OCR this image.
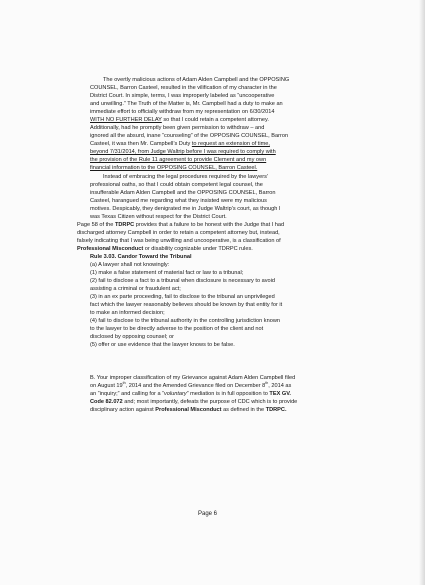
The overtly malicious actions of Adam Alden Campbell and the OPPOSING
COUNSEL, Barron Casteel, resulted in the vilification of my character in the
District Court. In simple, terms, I was improperly labeled as “uncooperative
and unwilling.” The Truth of the Matter is, Mr. Campbell had a duty to make an
immediate effort to officially withdraw from my representation on 6/30/2014
WITH NO FURTHER DELAY so that I could retain a competent attorney.
Additionally, had he promptly been given permission to withdraw – and
ignored all the absurd, inane “counseling” of the OPPOSING COUNSEL, Barron
Casteel, it was then Mr. Campbell’s Duty to request an extension of time,
beyond 7/31/2014, from Judge Waltrip before I was required to comply with
the provision of the Rule 11 agreement to provide Clement and my own
financial information to the OPPOSING COUNSEL, Barron Casteel.
Instead of embracing the legal procedures required by the lawyers’
professional oaths, so that I could obtain competent legal counsel, the
insufferable Adam Alden Campbell and the OPPOSING COUNSEL, Barron
Casteel, harangued me regarding what they insisted were my malicious
motives. Despicably, they denigrated me in Judge Waltrip’s court, as though I
was Texas Citizen without respect for the District Court.
Page 58 of the TDRPC provides that a failure to be honest with the Judge that I had
discharged attorney Campbell in order to retain a competent attorney but, instead,
falsely indicating that I was being unwilling and uncooperative, is a classification of
Professional Misconduct or disability cognizable under TDRPC rules.
Rule 3.03. Candor Toward the Tribunal
(a) A lawyer shall not knowingly:
(1) make a false statement of material fact or law to a tribunal;
(2) fail to disclose a fact to a tribunal when disclosure is necessary to avoid
assisting a criminal or fraudulent act;
(3) in an ex parte proceeding, fail to disclose to the tribunal an unprivileged
fact which the lawyer reasonably believes should be known by that entity for it
to make an informed decision;
(4) fail to disclose to the tribunal authority in the controlling jurisdiction known
to the lawyer to be directly adverse to the position of the client and not
disclosed by opposing counsel; or
(5) offer or use evidence that the lawyer knows to be false.
B. Your improper classification of my Grievance against Adam Alden Campbell filed
on August 19th, 2014 and the Amended Grievance filed on December 8th, 2014 as
an “inquiry;” and calling for a “voluntary” mediation is in full opposition to TEX GV.
Code 82.072 and; most importantly, defeats the purpose of CDC which is to provide
disciplinary action against Professional Misconduct as defined in the TDRPC.
Page 6
